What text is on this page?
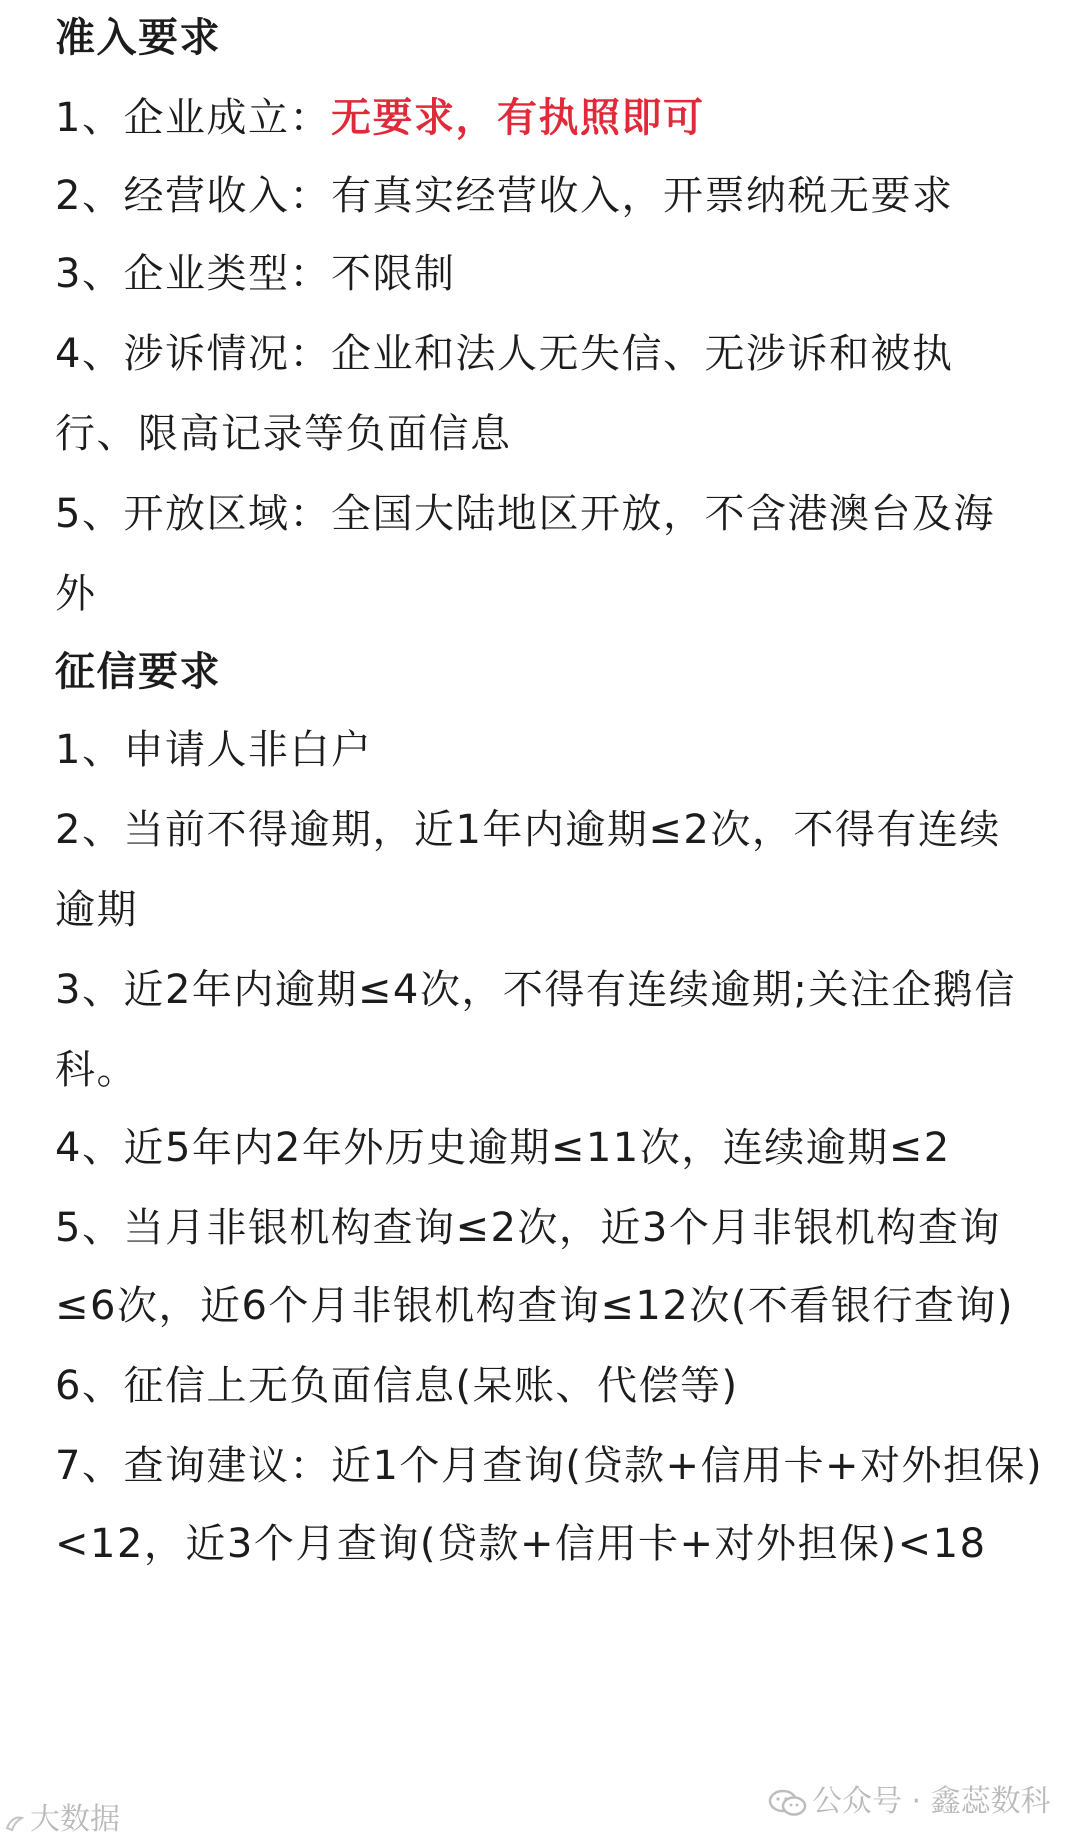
准入要求
1、企业成立：无要求，有执照即可
2、经营收入：有真实经营收入，开票纳税无要求
3、企业类型：不限制
4、涉诉情况：企业和法人无失信、无涉诉和被执
行、限高记录等负面信息
5、开放区域：全国大陆地区开放，不含港澳台及海
外
征信要求
1、申请人非白户
2、当前不得逾期，近1年内逾期≤2次，不得有连续
逾期
3、近2年内逾期≤4次，不得有连续逾期;关注企鹅信
科。
4、近5年内2年外历史逾期≤11次，连续逾期≤2
5、当月非银机构查询≤2次，近3个月非银机构查询
≤6次，近6个月非银机构查询≤12次(不看银行查询)
6、征信上无负面信息(呆账、代偿等)
7、查询建议：近1个月查询(贷款+信用卡+对外担保)
<12，近3个月查询(贷款+信用卡+对外担保)<18
大数据
公众号 · 鑫蕊数科
